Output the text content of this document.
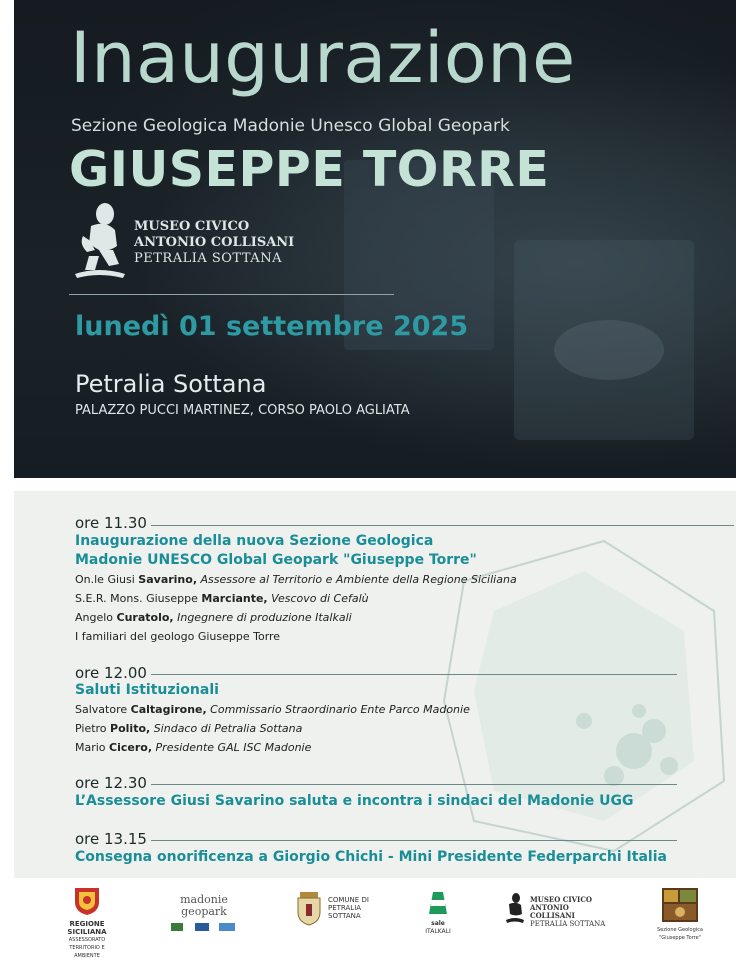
Inaugurazione
Sezione Geologica Madonie Unesco Global Geopark
GIUSEPPE TORRE
MUSEO CIVICO
ANTONIO COLLISANI
PETRALIA SOTTANA
lunedì 01 settembre 2025
Petralia Sottana
PALAZZO PUCCI MARTINEZ, CORSO PAOLO AGLIATA
ore 11.30
Inaugurazione della nuova Sezione Geologica
Madonie UNESCO Global Geopark "Giuseppe Torre"
On.le Giusi Savarino, Assessore al Territorio e Ambiente della Regione Siciliana
S.E.R. Mons. Giuseppe Marciante, Vescovo di Cefalù
Angelo Curatolo, Ingegnere di produzione Italkali
I familiari del geologo Giuseppe Torre
ore 12.00
Saluti Istituzionali
Salvatore Caltagirone, Commissario Straordinario Ente Parco Madonie
Pietro Polito, Sindaco di Petralia Sottana
Mario Cicero, Presidente GAL ISC Madonie
ore 12.30
L’Assessore Giusi Savarino saluta e incontra i sindaci del Madonie UGG
ore 13.15
Consegna onorificenza a Giorgio Chichi - Mini Presidente Federparchi Italia
REGIONE SICILIANA
ASSESSORATO TERRITORIO E AMBIENTE
madonie geopark
COMUNE DI
PETRALIA
SOTTANA
sale
ITALKALI
MUSEO CIVICO
ANTONIO COLLISANI
PETRALIA SOTTANA
Sezione Geologica "Giuseppe Torre"
